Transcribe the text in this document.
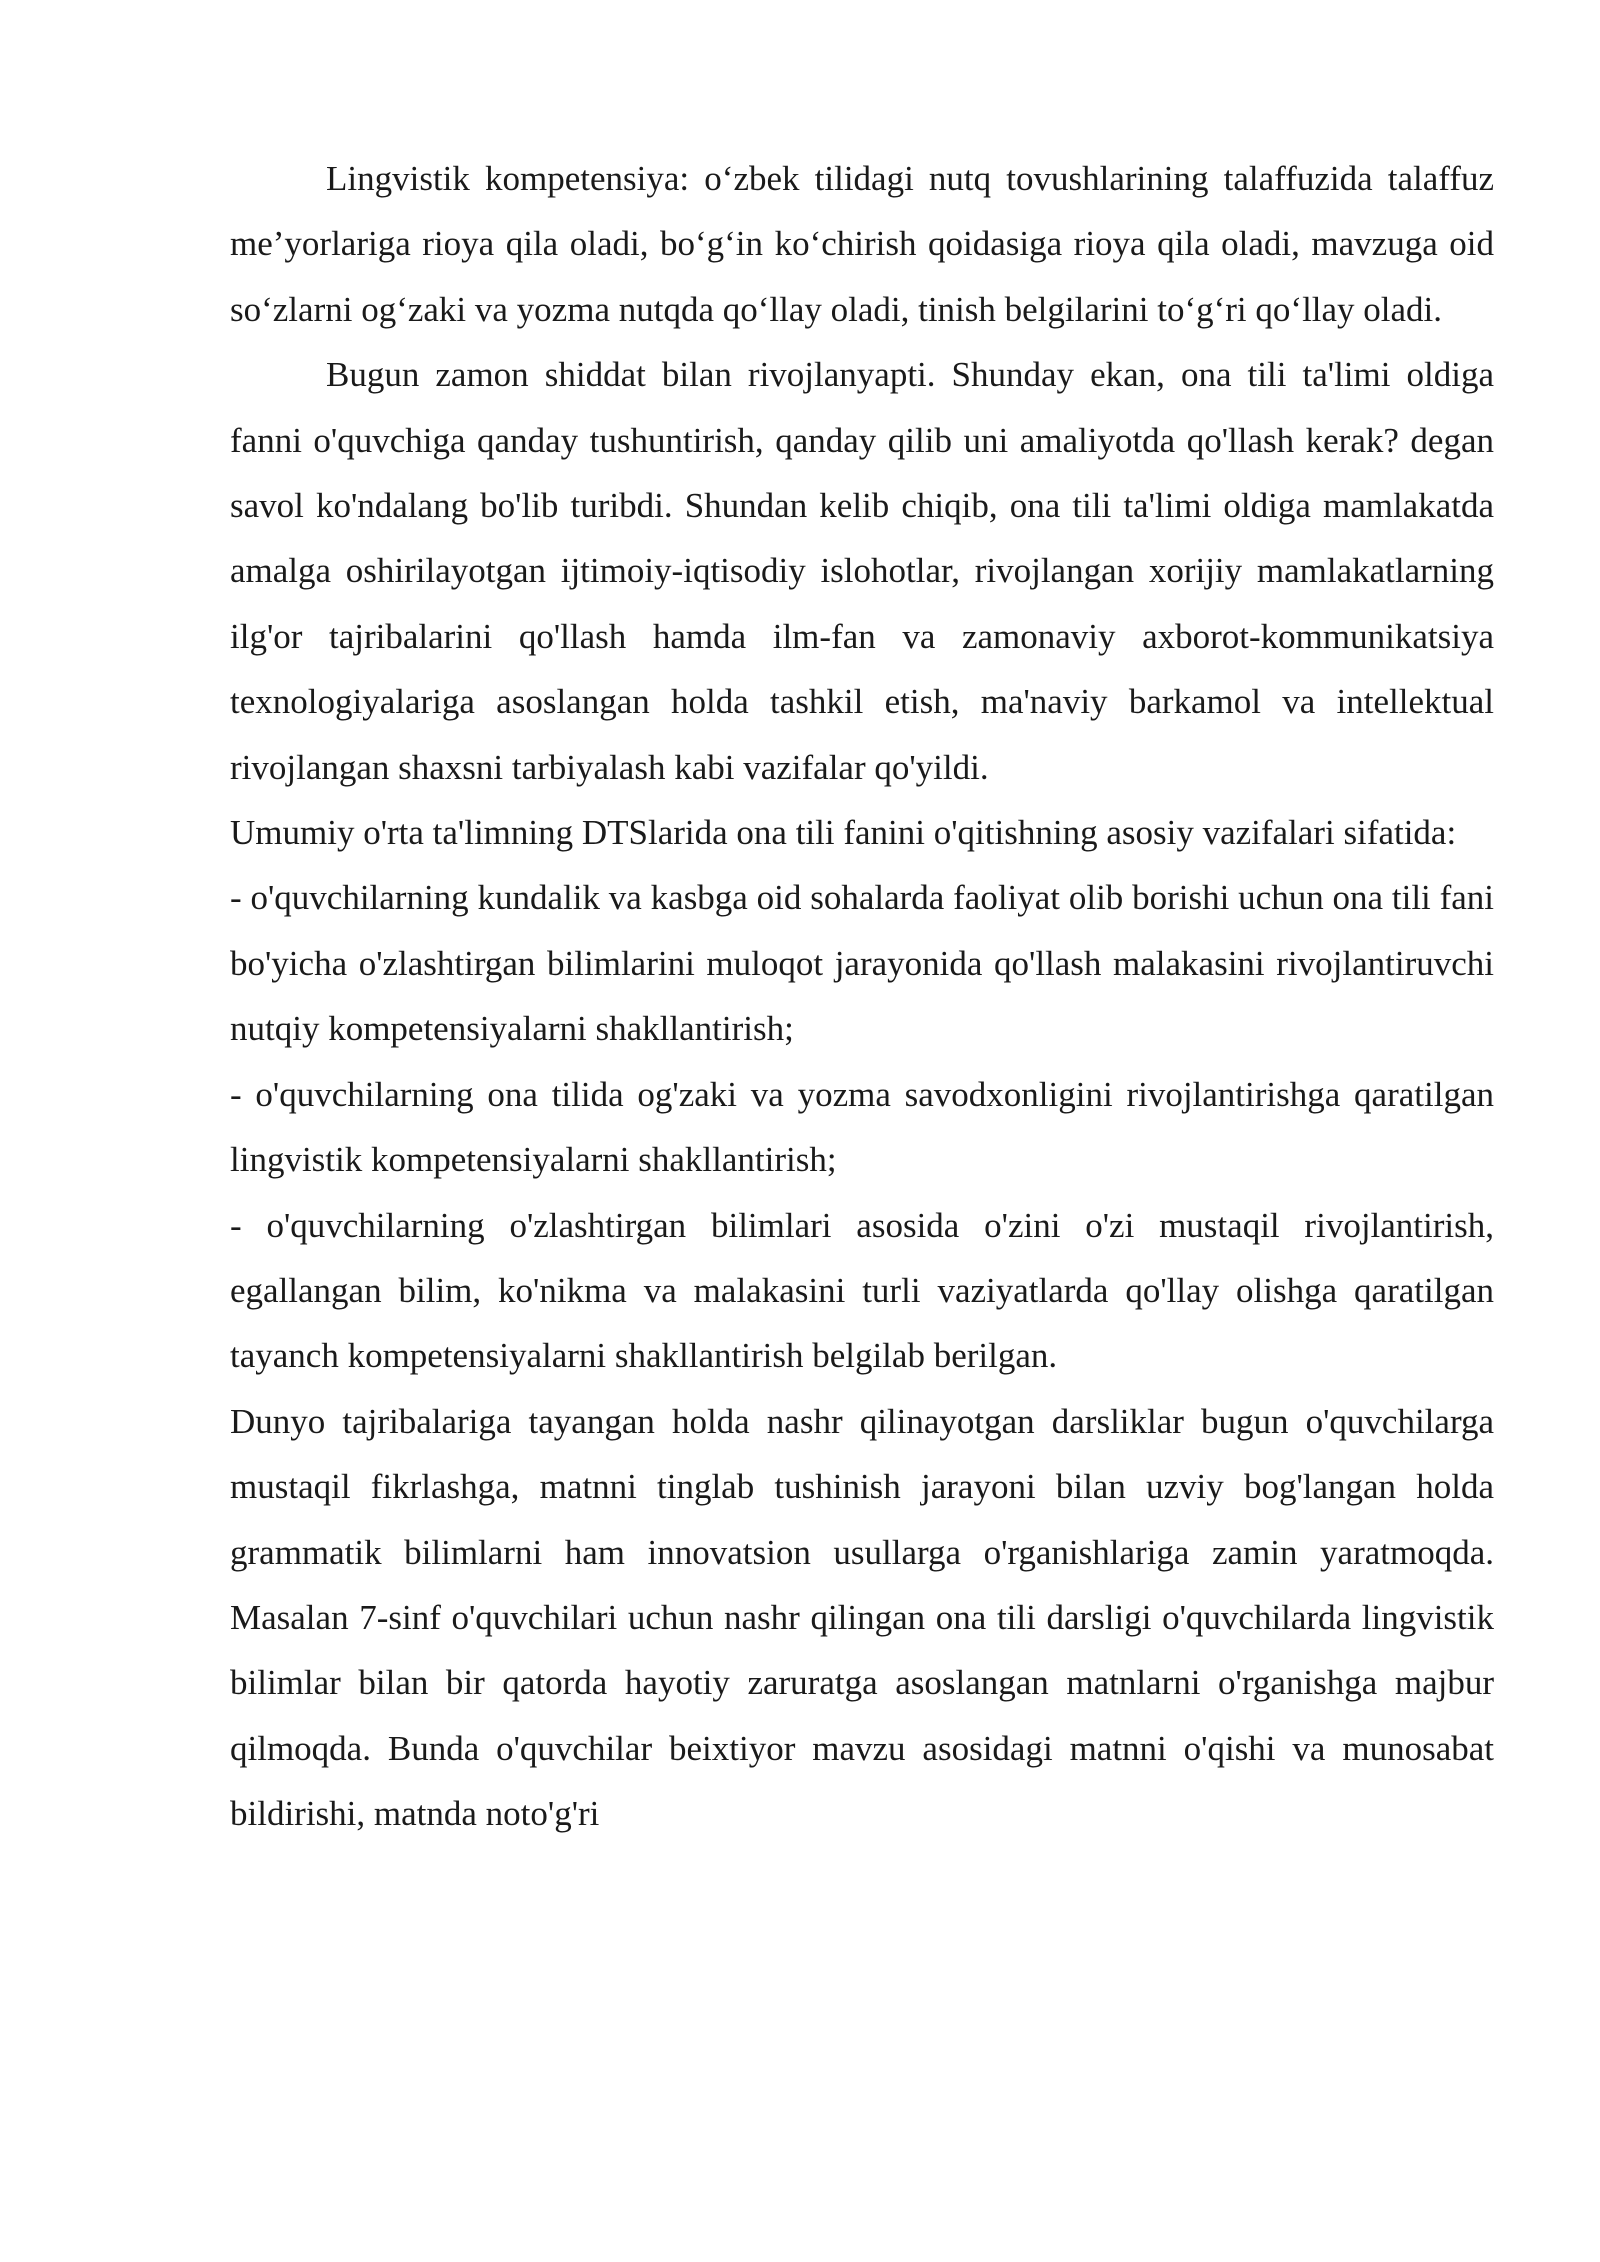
Lingvistik kompetensiya: o‘zbek tilidagi nutq tovushlarining talaffuzida talaffuz me’yorlariga rioya qila oladi, bo‘g‘in ko‘chirish qoidasiga rioya qila oladi, mavzuga oid so‘zlarni og‘zaki va yozma nutqda qo‘llay oladi, tinish belgilarini to‘g‘ri qo‘llay oladi.

Bugun zamon shiddat bilan rivojlanyapti. Shunday ekan, ona tili ta'limi oldiga fanni o'quvchiga qanday tushuntirish, qanday qilib uni amaliyotda qo'llash kerak? degan savol ko'ndalang bo'lib turibdi. Shundan kelib chiqib, ona tili ta'limi oldiga mamlakatda amalga oshirilayotgan ijtimoiy-iqtisodiy islohotlar, rivojlangan xorijiy mamlakatlarning ilg'or tajribalarini qo'llash hamda ilm-fan va zamonaviy axborot-kommunikatsiya texnologiyalariga asoslangan holda tashkil etish, ma'naviy barkamol va intellektual rivojlangan shaxsni tarbiyalash kabi vazifalar qo'yildi.

Umumiy o'rta ta'limning DTSlarida ona tili fanini o'qitishning asosiy vazifalari sifatida:

- o'quvchilarning kundalik va kasbga oid sohalarda faoliyat olib borishi uchun ona tili fani bo'yicha o'zlashtirgan bilimlarini muloqot jarayonida qo'llash malakasini rivojlantiruvchi nutqiy kompetensiyalarni shakllantirish;

- o'quvchilarning ona tilida og'zaki va yozma savodxonligini rivojlantirishga qaratilgan lingvistik kompetensiyalarni shakllantirish;

- o'quvchilarning o'zlashtirgan bilimlari asosida o'zini o'zi mustaqil rivojlantirish, egallangan bilim, ko'nikma va malakasini turli vaziyatlarda qo'llay olishga qaratilgan tayanch kompetensiyalarni shakllantirish belgilab berilgan.

Dunyo tajribalariga tayangan holda nashr qilinayotgan darsliklar bugun o'quvchilarga mustaqil fikrlashga, matnni tinglab tushinish jarayoni bilan uzviy bog'langan holda grammatik bilimlarni ham innovatsion usullarga o'rganishlariga zamin yaratmoqda. Masalan 7-sinf o'quvchilari uchun nashr qilingan ona tili darsligi o'quvchilarda lingvistik bilimlar bilan bir qatorda hayotiy zaruratga asoslangan matnlarni o'rganishga majbur qilmoqda. Bunda o'quvchilar beixtiyor mavzu asosidagi matnni o'qishi va munosabat bildirishi, matnda noto'g'ri
